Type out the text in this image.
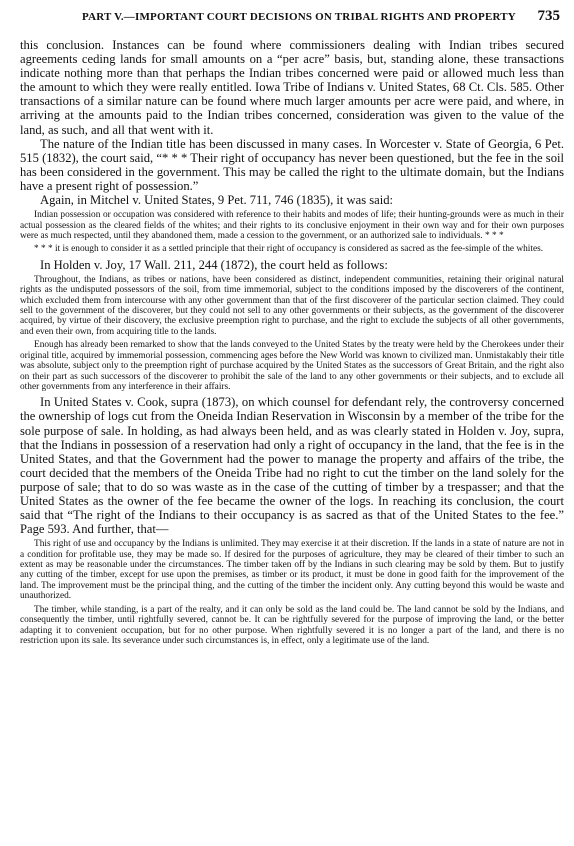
PART V.—IMPORTANT COURT DECISIONS ON TRIBAL RIGHTS AND PROPERTY 735

this conclusion. Instances can be found where commissioners dealing with Indian tribes secured agreements ceding lands for small amounts on a “per acre” basis, but, standing alone, these transactions indicate nothing more than that perhaps the Indian tribes concerned were paid or allowed much less than the amount to which they were really entitled. Iowa Tribe of Indians v. United States, 68 Ct. Cls. 585. Other transactions of a similar nature can be found where much larger amounts per acre were paid, and where, in arriving at the amounts paid to the Indian tribes concerned, consideration was given to the value of the land, as such, and all that went with it.

The nature of the Indian title has been discussed in many cases. In Worcester v. State of Georgia, 6 Pet. 515 (1832), the court said, “* * * Their right of occupancy has never been questioned, but the fee in the soil has been considered in the government. This may be called the right to the ultimate domain, but the Indians have a present right of possession.”

Again, in Mitchel v. United States, 9 Pet. 711, 746 (1835), it was said:

Indian possession or occupation was considered with reference to their habits and modes of life; their hunting-grounds were as much in their actual possession as the cleared fields of the whites; and their rights to its conclusive enjoyment in their own way and for their own purposes were as much respected, until they abandoned them, made a cession to the government, or an authorized sale to individuals. * * *

* * * it is enough to consider it as a settled principle that their right of occupancy is considered as sacred as the fee-simple of the whites.

In Holden v. Joy, 17 Wall. 211, 244 (1872), the court held as follows:

Throughout, the Indians, as tribes or nations, have been considered as distinct, independent communities, retaining their original natural rights as the undisputed possessors of the soil, from time immemorial, subject to the conditions imposed by the discoverers of the continent, which excluded them from intercourse with any other government than that of the first discoverer of the particular section claimed. They could sell to the government of the discoverer, but they could not sell to any other governments or their subjects, as the government of the discoverer acquired, by virtue of their discovery, the exclusive preemption right to purchase, and the right to exclude the subjects of all other governments, and even their own, from acquiring title to the lands.

Enough has already been remarked to show that the lands conveyed to the United States by the treaty were held by the Cherokees under their original title, acquired by immemorial possession, commencing ages before the New World was known to civilized man. Unmistakably their title was absolute, subject only to the preemption right of purchase acquired by the United States as the successors of Great Britain, and the right also on their part as such successors of the discoverer to prohibit the sale of the land to any other governments or their subjects, and to exclude all other governments from any interference in their affairs.

In United States v. Cook, supra (1873), on which counsel for defendant rely, the controversy concerned the ownership of logs cut from the Oneida Indian Reservation in Wisconsin by a member of the tribe for the sole purpose of sale. In holding, as had always been held, and as was clearly stated in Holden v. Joy, supra, that the Indians in possession of a reservation had only a right of occupancy in the land, that the fee is in the United States, and that the Government had the power to manage the property and affairs of the tribe, the court decided that the members of the Oneida Tribe had no right to cut the timber on the land solely for the purpose of sale; that to do so was waste as in the case of the cutting of timber by a trespasser; and that the United States as the owner of the fee became the owner of the logs. In reaching its conclusion, the court said that “The right of the Indians to their occupancy is as sacred as that of the United States to the fee.” Page 593. And further, that—

This right of use and occupancy by the Indians is unlimited. They may exercise it at their discretion. If the lands in a state of nature are not in a condition for profitable use, they may be made so. If desired for the purposes of agriculture, they may be cleared of their timber to such an extent as may be reasonable under the circumstances. The timber taken off by the Indians in such clearing may be sold by them. But to justify any cutting of the timber, except for use upon the premises, as timber or its product, it must be done in good faith for the improvement of the land. The improvement must be the principal thing, and the cutting of the timber the incident only. Any cutting beyond this would be waste and unauthorized.

The timber, while standing, is a part of the realty, and it can only be sold as the land could be. The land cannot be sold by the Indians, and consequently the timber, until rightfully severed, cannot be. It can be rightfully severed for the purpose of improving the land, or the better adapting it to convenient occupation, but for no other purpose. When rightfully severed it is no longer a part of the land, and there is no restriction upon its sale. Its severance under such circumstances is, in effect, only a legitimate use of the land.
